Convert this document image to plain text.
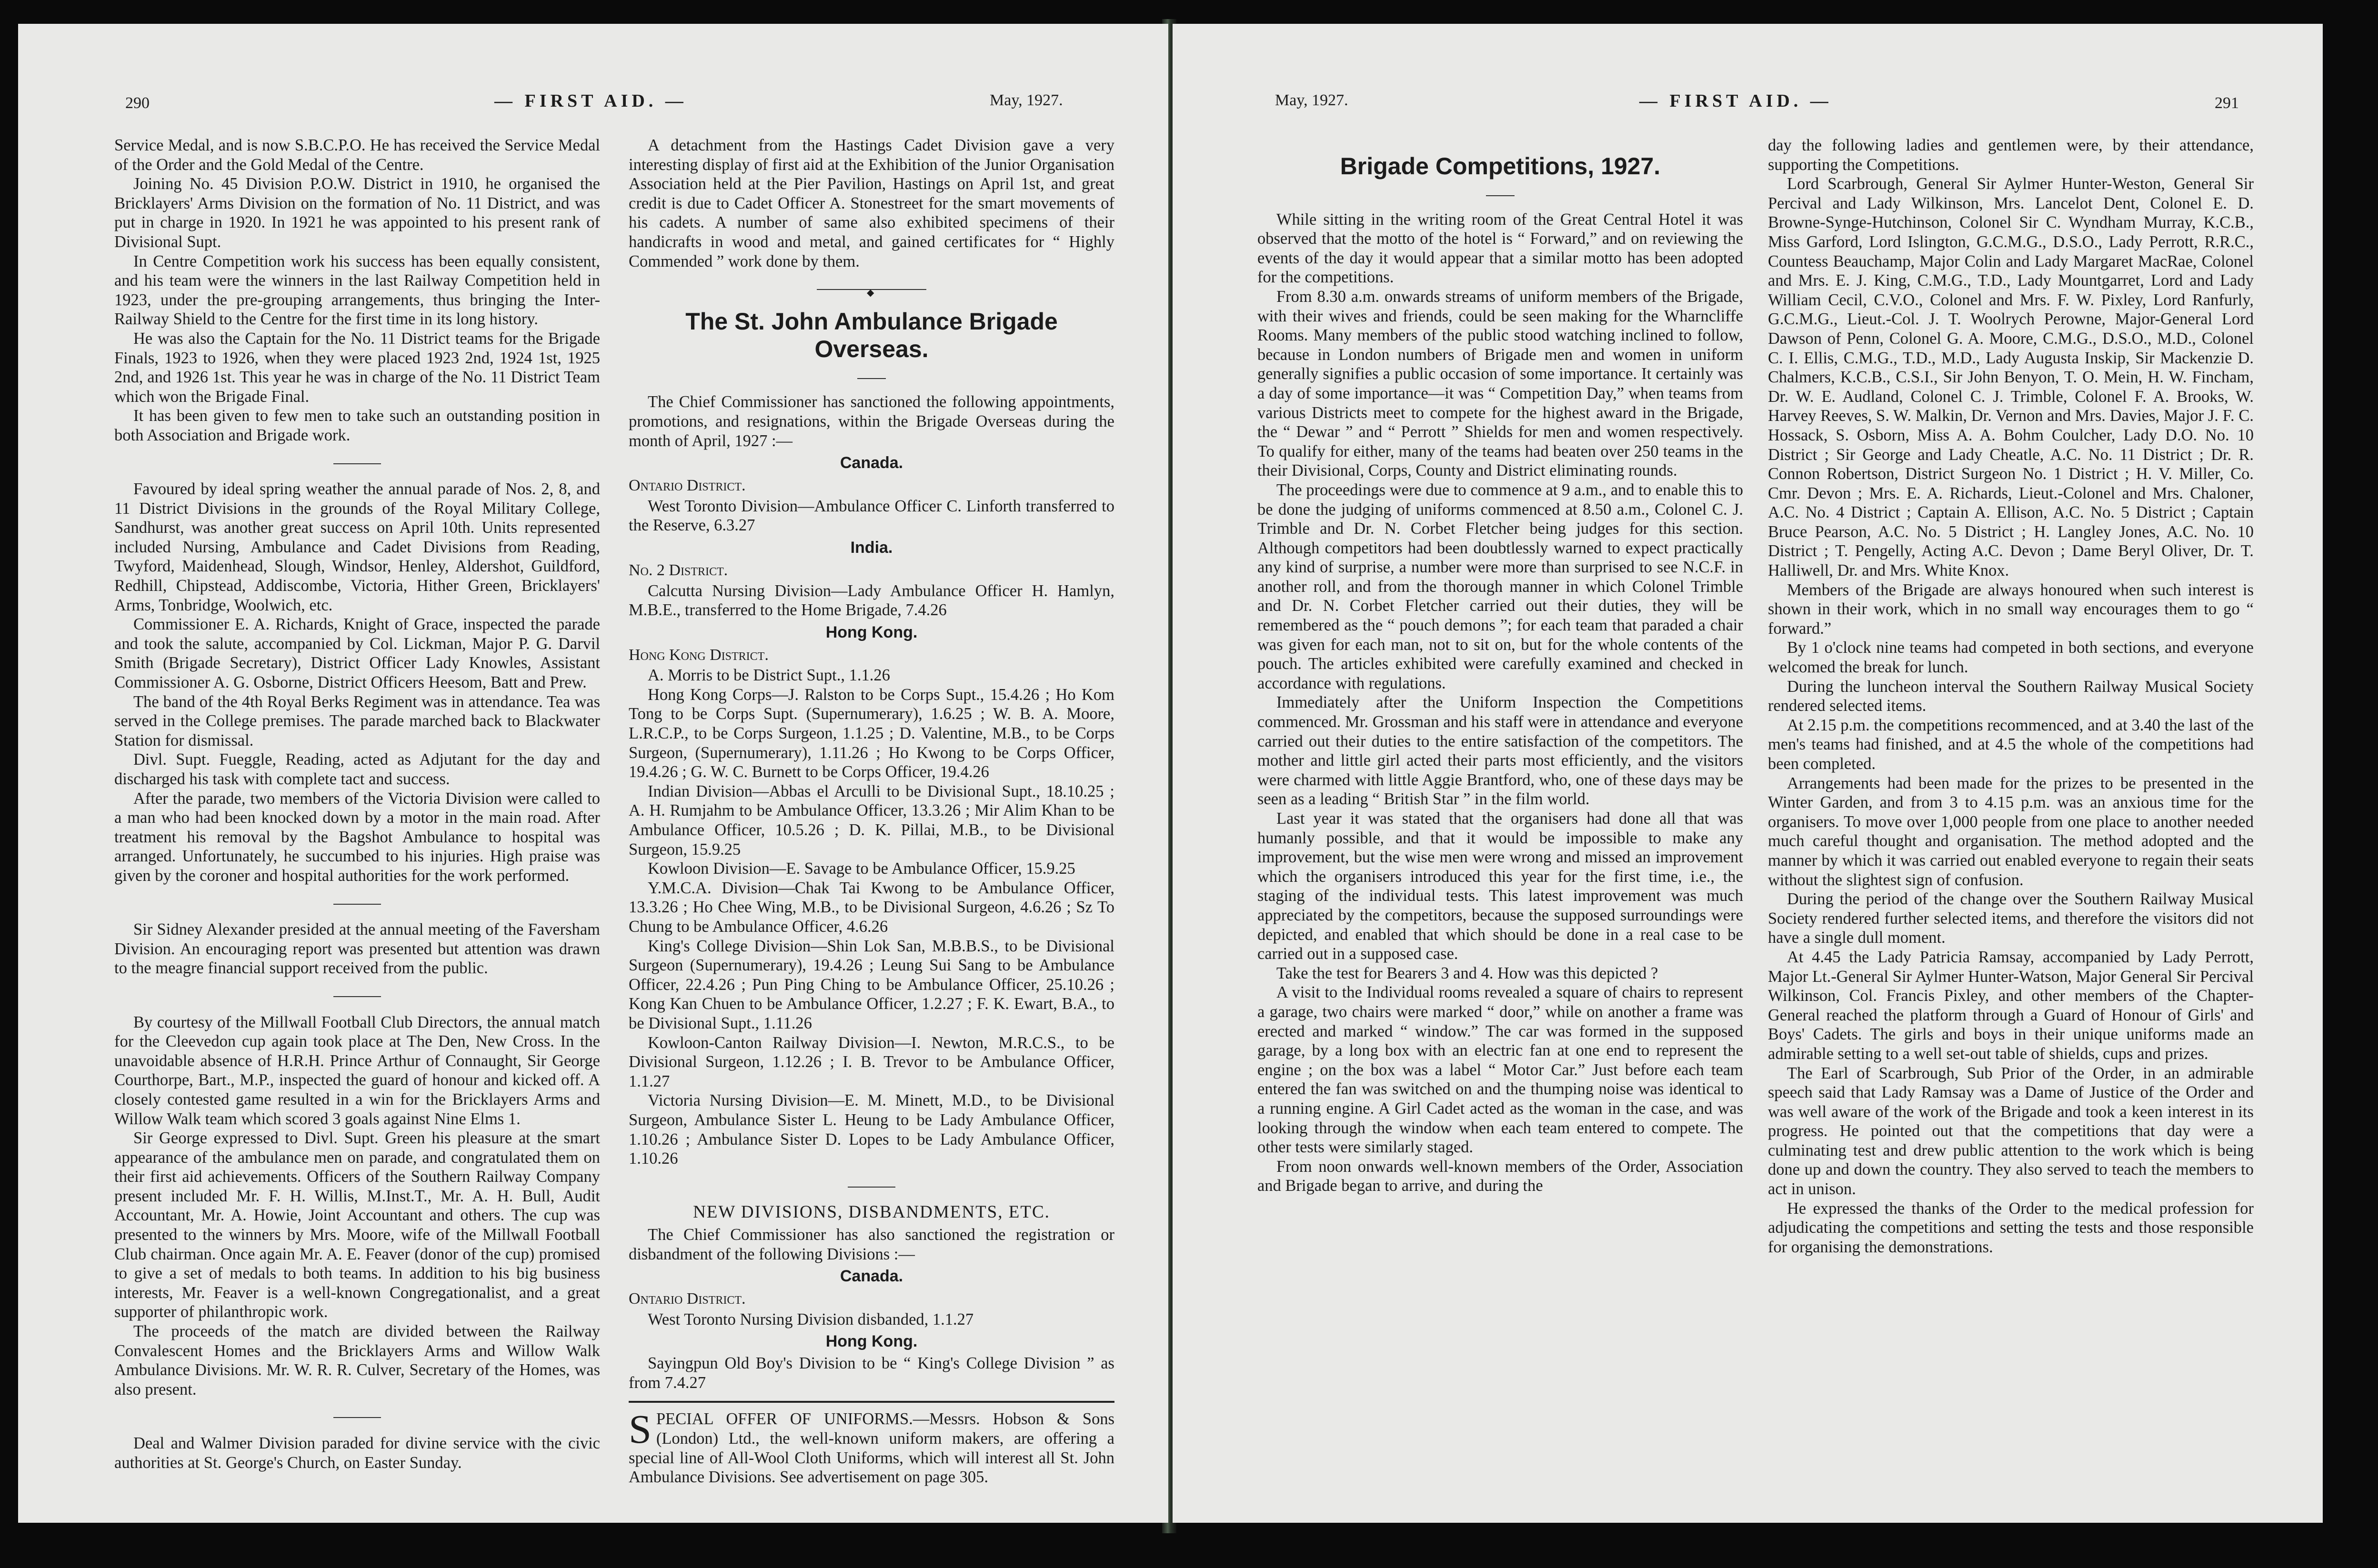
290	— FIRST AID. —	May, 1927.

Service Medal, and is now S.B.C.P.O. He has received the Service Medal of the Order and the Gold Medal of the Centre.

Joining No. 45 Division P.O.W. District in 1910, he organised the Bricklayers' Arms Division on the formation of No. 11 District, and was put in charge in 1920. In 1921 he was appointed to his present rank of Divisional Supt.

In Centre Competition work his success has been equally consistent, and his team were the winners in the last Railway Competition held in 1923, under the pre-grouping arrangements, thus bringing the Inter-Railway Shield to the Centre for the first time in its long history.

He was also the Captain for the No. 11 District teams for the Brigade Finals, 1923 to 1926, when they were placed 1923 2nd, 1924 1st, 1925 2nd, and 1926 1st. This year he was in charge of the No. 11 District Team which won the Brigade Final.

It has been given to few men to take such an outstanding position in both Association and Brigade work.

Favoured by ideal spring weather the annual parade of Nos. 2, 8, and 11 District Divisions in the grounds of the Royal Military College, Sandhurst, was another great success on April 10th. Units represented included Nursing, Ambulance and Cadet Divisions from Reading, Twyford, Maidenhead, Slough, Windsor, Henley, Aldershot, Guildford, Redhill, Chipstead, Addiscombe, Victoria, Hither Green, Bricklayers' Arms, Tonbridge, Woolwich, etc.

Commissioner E. A. Richards, Knight of Grace, inspected the parade and took the salute, accompanied by Col. Lickman, Major P. G. Darvil Smith (Brigade Secretary), District Officer Lady Knowles, Assistant Commissioner A. G. Osborne, District Officers Heesom, Batt and Prew.

The band of the 4th Royal Berks Regiment was in attendance. Tea was served in the College premises. The parade marched back to Blackwater Station for dismissal.

Divl. Supt. Fueggle, Reading, acted as Adjutant for the day and discharged his task with complete tact and success.

After the parade, two members of the Victoria Division were called to a man who had been knocked down by a motor in the main road. After treatment his removal by the Bagshot Ambulance to hospital was arranged. Unfortunately, he succumbed to his injuries. High praise was given by the coroner and hospital authorities for the work performed.

Sir Sidney Alexander presided at the annual meeting of the Faversham Division. An encouraging report was presented but attention was drawn to the meagre financial support received from the public.

By courtesy of the Millwall Football Club Directors, the annual match for the Cleevedon cup again took place at The Den, New Cross. In the unavoidable absence of H.R.H. Prince Arthur of Connaught, Sir George Courthorpe, Bart., M.P., inspected the guard of honour and kicked off. A closely contested game resulted in a win for the Bricklayers Arms and Willow Walk team which scored 3 goals against Nine Elms 1.

Sir George expressed to Divl. Supt. Green his pleasure at the smart appearance of the ambulance men on parade, and congratulated them on their first aid achievements. Officers of the Southern Railway Company present included Mr. F. H. Willis, M.Inst.T., Mr. A. H. Bull, Audit Accountant, Mr. A. Howie, Joint Accountant and others. The cup was presented to the winners by Mrs. Moore, wife of the Millwall Football Club chairman. Once again Mr. A. E. Feaver (donor of the cup) promised to give a set of medals to both teams. In addition to his big business interests, Mr. Feaver is a well-known Congregationalist, and a great supporter of philanthropic work.

The proceeds of the match are divided between the Railway Convalescent Homes and the Bricklayers Arms and Willow Walk Ambulance Divisions. Mr. W. R. R. Culver, Secretary of the Homes, was also present.

Deal and Walmer Division paraded for divine service with the civic authorities at St. George's Church, on Easter Sunday.

A detachment from the Hastings Cadet Division gave a very interesting display of first aid at the Exhibition of the Junior Organisation Association held at the Pier Pavilion, Hastings on April 1st, and great credit is due to Cadet Officer A. Stonestreet for the smart movements of his cadets. A number of same also exhibited specimens of their handicrafts in wood and metal, and gained certificates for “ Highly Commended ” work done by them.

◆
The St. John Ambulance Brigade Overseas.

The Chief Commissioner has sanctioned the following appointments, promotions, and resignations, within the Brigade Overseas during the month of April, 1927 :—

Canada.

Ontario District.

West Toronto Division—Ambulance Officer C. Linforth transferred to the Reserve, 6.3.27

India.

No. 2 District.

Calcutta Nursing Division—Lady Ambulance Officer H. Hamlyn, M.B.E., transferred to the Home Brigade, 7.4.26

Hong Kong.

Hong Kong District.

A. Morris to be District Supt., 1.1.26

Hong Kong Corps—J. Ralston to be Corps Supt., 15.4.26 ; Ho Kom Tong to be Corps Supt. (Supernumerary), 1.6.25 ; W. B. A. Moore, L.R.C.P., to be Corps Surgeon, 1.1.25 ; D. Valentine, M.B., to be Corps Surgeon, (Supernumerary), 1.11.26 ; Ho Kwong to be Corps Officer, 19.4.26 ; G. W. C. Burnett to be Corps Officer, 19.4.26

Indian Division—Abbas el Arculli to be Divisional Supt., 18.10.25 ; A. H. Rumjahm to be Ambulance Officer, 13.3.26 ; Mir Alim Khan to be Ambulance Officer, 10.5.26 ; D. K. Pillai, M.B., to be Divisional Surgeon, 15.9.25

Kowloon Division—E. Savage to be Ambulance Officer, 15.9.25

Y.M.C.A. Division—Chak Tai Kwong to be Ambulance Officer, 13.3.26 ; Ho Chee Wing, M.B., to be Divisional Surgeon, 4.6.26 ; Sz To Chung to be Ambulance Officer, 4.6.26

King's College Division—Shin Lok San, M.B.B.S., to be Divisional Surgeon (Supernumerary), 19.4.26 ; Leung Sui Sang to be Ambulance Officer, 22.4.26 ; Pun Ping Ching to be Ambulance Officer, 25.10.26 ; Kong Kan Chuen to be Ambulance Officer, 1.2.27 ; F. K. Ewart, B.A., to be Divisional Supt., 1.11.26

Kowloon-Canton Railway Division—I. Newton, M.R.C.S., to be Divisional Surgeon, 1.12.26 ; I. B. Trevor to be Ambulance Officer, 1.1.27

Victoria Nursing Division—E. M. Minett, M.D., to be Divisional Surgeon, Ambulance Sister L. Heung to be Lady Ambulance Officer, 1.10.26 ; Ambulance Sister D. Lopes to be Lady Ambulance Officer, 1.10.26

NEW DIVISIONS, DISBANDMENTS, ETC.

The Chief Commissioner has also sanctioned the registration or disbandment of the following Divisions :—

Canada.

Ontario District.

West Toronto Nursing Division disbanded, 1.1.27

Hong Kong.

Sayingpun Old Boy's Division to be “ King's College Division ” as from 7.4.27

S PECIAL OFFER OF UNIFORMS.—Messrs. Hobson & Sons (London) Ltd., the well-known uniform makers, are offering a special line of All-Wool Cloth Uniforms, which will interest all St. John Ambulance Divisions. See advertisement on page 305.

May, 1927.	— FIRST AID. —	291
Brigade Competitions, 1927.

While sitting in the writing room of the Great Central Hotel it was observed that the motto of the hotel is “ Forward,” and on reviewing the events of the day it would appear that a similar motto has been adopted for the competitions.

From 8.30 a.m. onwards streams of uniform members of the Brigade, with their wives and friends, could be seen making for the Wharncliffe Rooms. Many members of the public stood watching inclined to follow, because in London numbers of Brigade men and women in uniform generally signifies a public occasion of some importance. It certainly was a day of some importance—it was “ Competition Day,” when teams from various Districts meet to compete for the highest award in the Brigade, the “ Dewar ” and “ Perrott ” Shields for men and women respectively. To qualify for either, many of the teams had beaten over 250 teams in the their Divisional, Corps, County and District eliminating rounds.

The proceedings were due to commence at 9 a.m., and to enable this to be done the judging of uniforms commenced at 8.50 a.m., Colonel C. J. Trimble and Dr. N. Corbet Fletcher being judges for this section. Although competitors had been doubtlessly warned to expect practically any kind of surprise, a number were more than surprised to see N.C.F. in another roll, and from the thorough manner in which Colonel Trimble and Dr. N. Corbet Fletcher carried out their duties, they will be remembered as the “ pouch demons ”; for each team that paraded a chair was given for each man, not to sit on, but for the whole contents of the pouch. The articles exhibited were carefully examined and checked in accordance with regulations.

Immediately after the Uniform Inspection the Competitions commenced. Mr. Grossman and his staff were in attendance and everyone carried out their duties to the entire satisfaction of the competitors. The mother and little girl acted their parts most efficiently, and the visitors were charmed with little Aggie Brantford, who, one of these days may be seen as a leading “ British Star ” in the film world.

Last year it was stated that the organisers had done all that was humanly possible, and that it would be impossible to make any improvement, but the wise men were wrong and missed an improvement which the organisers introduced this year for the first time, i.e., the staging of the individual tests. This latest improvement was much appreciated by the competitors, because the supposed surroundings were depicted, and enabled that which should be done in a real case to be carried out in a supposed case.

Take the test for Bearers 3 and 4. How was this depicted ?

A visit to the Individual rooms revealed a square of chairs to represent a garage, two chairs were marked “ door,” while on another a frame was erected and marked “ window.” The car was formed in the supposed garage, by a long box with an electric fan at one end to represent the engine ; on the box was a label “ Motor Car.” Just before each team entered the fan was switched on and the thumping noise was identical to a running engine. A Girl Cadet acted as the woman in the case, and was looking through the window when each team entered to compete. The other tests were similarly staged.

From noon onwards well-known members of the Order, Association and Brigade began to arrive, and during the

day the following ladies and gentlemen were, by their attendance, supporting the Competitions.

Lord Scarbrough, General Sir Aylmer Hunter-Weston, General Sir Percival and Lady Wilkinson, Mrs. Lancelot Dent, Colonel E. D. Browne-Synge-Hutchinson, Colonel Sir C. Wyndham Murray, K.C.B., Miss Garford, Lord Islington, G.C.M.G., D.S.O., Lady Perrott, R.R.C., Countess Beauchamp, Major Colin and Lady Margaret MacRae, Colonel and Mrs. E. J. King, C.M.G., T.D., Lady Mountgarret, Lord and Lady William Cecil, C.V.O., Colonel and Mrs. F. W. Pixley, Lord Ranfurly, G.C.M.G., Lieut.-Col. J. T. Woolrych Perowne, Major-General Lord Dawson of Penn, Colonel G. A. Moore, C.M.G., D.S.O., M.D., Colonel C. I. Ellis, C.M.G., T.D., M.D., Lady Augusta Inskip, Sir Mackenzie D. Chalmers, K.C.B., C.S.I., Sir John Benyon, T. O. Mein, H. W. Fincham, Dr. W. E. Audland, Colonel C. J. Trimble, Colonel F. A. Brooks, W. Harvey Reeves, S. W. Malkin, Dr. Vernon and Mrs. Davies, Major J. F. C. Hossack, S. Osborn, Miss A. A. Bohm Coulcher, Lady D.O. No. 10 District ; Sir George and Lady Cheatle, A.C. No. 11 District ; Dr. R. Connon Robertson, District Surgeon No. 1 District ; H. V. Miller, Co. Cmr. Devon ; Mrs. E. A. Richards, Lieut.-Colonel and Mrs. Chaloner, A.C. No. 4 District ; Captain A. Ellison, A.C. No. 5 District ; Captain Bruce Pearson, A.C. No. 5 District ; H. Langley Jones, A.C. No. 10 District ; T. Pengelly, Acting A.C. Devon ; Dame Beryl Oliver, Dr. T. Halliwell, Dr. and Mrs. White Knox.

Members of the Brigade are always honoured when such interest is shown in their work, which in no small way encourages them to go “ forward.”

By 1 o'clock nine teams had competed in both sections, and everyone welcomed the break for lunch.

During the luncheon interval the Southern Railway Musical Society rendered selected items.

At 2.15 p.m. the competitions recommenced, and at 3.40 the last of the men's teams had finished, and at 4.5 the whole of the competitions had been completed.

Arrangements had been made for the prizes to be presented in the Winter Garden, and from 3 to 4.15 p.m. was an anxious time for the organisers. To move over 1,000 people from one place to another needed much careful thought and organisation. The method adopted and the manner by which it was carried out enabled everyone to regain their seats without the slightest sign of confusion.

During the period of the change over the Southern Railway Musical Society rendered further selected items, and therefore the visitors did not have a single dull moment.

At 4.45 the Lady Patricia Ramsay, accompanied by Lady Perrott, Major Lt.-General Sir Aylmer Hunter-Watson, Major General Sir Percival Wilkinson, Col. Francis Pixley, and other members of the Chapter-General reached the platform through a Guard of Honour of Girls' and Boys' Cadets. The girls and boys in their unique uniforms made an admirable setting to a well set-out table of shields, cups and prizes.

The Earl of Scarbrough, Sub Prior of the Order, in an admirable speech said that Lady Ramsay was a Dame of Justice of the Order and was well aware of the work of the Brigade and took a keen interest in its progress. He pointed out that the competitions that day were a culminating test and drew public attention to the work which is being done up and down the country. They also served to teach the members to act in unison.

He expressed the thanks of the Order to the medical profession for adjudicating the competitions and setting the tests and those responsible for organising the demonstrations.
